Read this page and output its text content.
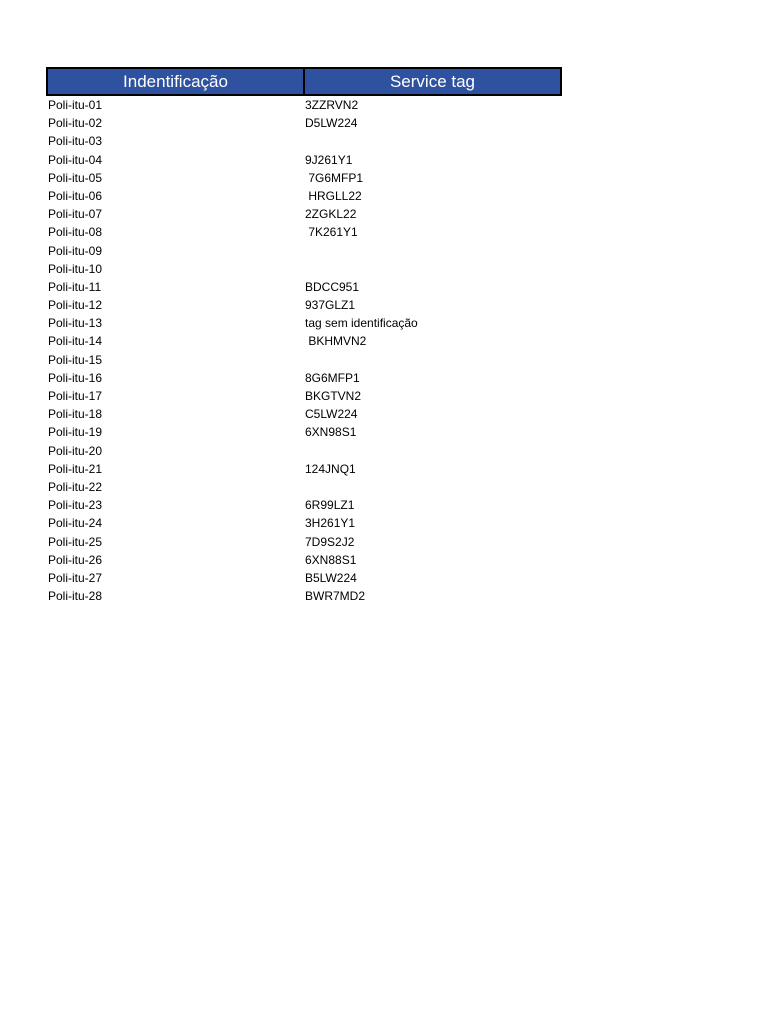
Indentificação	Service tag
Poli-itu-01	3ZZRVN2
Poli-itu-02	D5LW224
Poli-itu-03
Poli-itu-04	9J261Y1
Poli-itu-05	7G6MFP1
Poli-itu-06	HRGLL22
Poli-itu-07	2ZGKL22
Poli-itu-08	7K261Y1
Poli-itu-09
Poli-itu-10
Poli-itu-11	BDCC951
Poli-itu-12	937GLZ1
Poli-itu-13	tag sem identificação
Poli-itu-14	BKHMVN2
Poli-itu-15
Poli-itu-16	8G6MFP1
Poli-itu-17	BKGTVN2
Poli-itu-18	C5LW224
Poli-itu-19	6XN98S1
Poli-itu-20
Poli-itu-21	124JNQ1
Poli-itu-22
Poli-itu-23	6R99LZ1
Poli-itu-24	3H261Y1
Poli-itu-25	7D9S2J2
Poli-itu-26	6XN88S1
Poli-itu-27	B5LW224
Poli-itu-28	BWR7MD2
